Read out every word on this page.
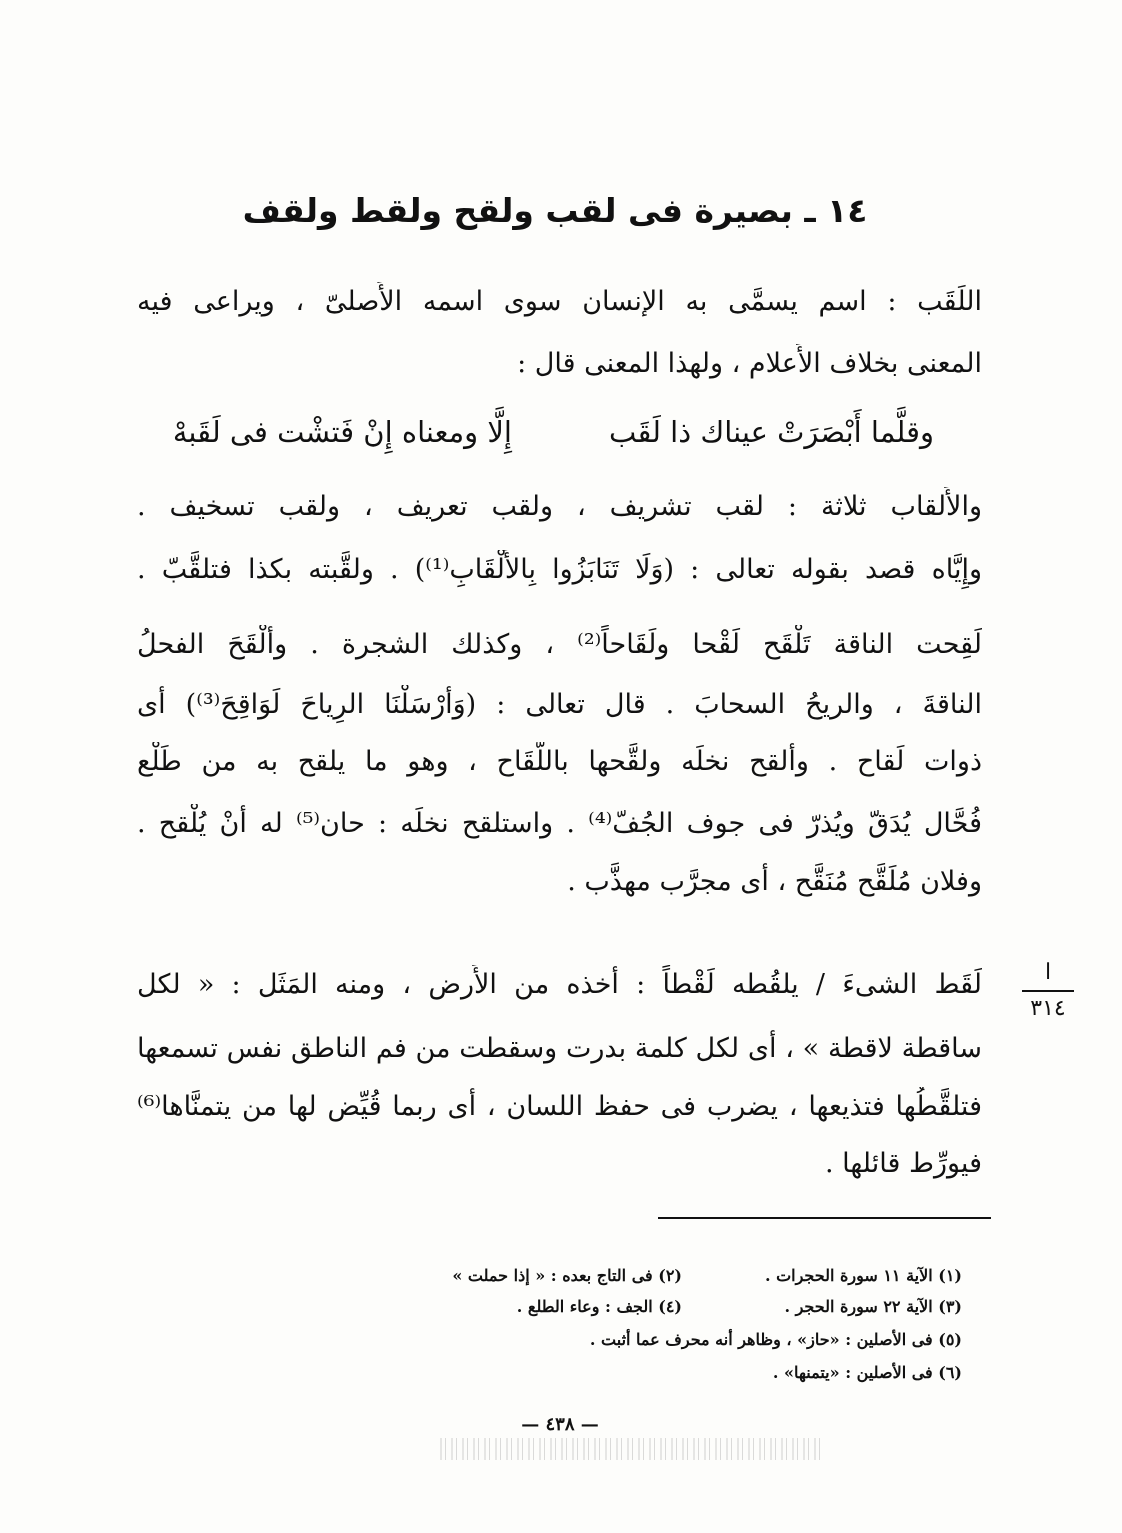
١٤ ـ بصيرة فى لقب ولقح ولقط ولقف
اللَقَب : اسم يسمَّى به الإنسان سوى اسمه الأَصلىّ ، ويراعى فيه
المعنى بخلاف الأَعلام ، ولهذا المعنى قال :
وقلَّما أَبْصَرَتْ عيناك ذا لَقَب
إِلَّا ومعناه إِنْ فَتشْت فى لَقَبهْ
والأَلقاب ثلاثة : لقب تشريف ، ولقب تعريف ، ولقب تسخيف .
وإِيَّاه قصد بقوله تعالى : (وَلَا تَنَابَزُوا بِالأَلْقَابِ⁽¹⁾) . ولقَّبته بكذا فتلقَّبّ .
لَقِحت الناقة تَلْقَح لَقْحا ولَقَاحاً⁽²⁾ ، وكذلك الشجرة . وأَلْقَحَ الفحلُ
الناقةَ ، والريحُ السحابَ . قال تعالى : (وَأَرْسَلْنَا الرِياحَ لَوَاقِحَ⁽³⁾) أَى
ذوات لَقاح . وأَلقح نخلَه ولقَّحها باللَّقَاح ، وهو ما يلقح به من طَلْع
فُحَّال يُدَقّ ويُذرّ فى جوف الجُفّ⁽⁴⁾ . واستلقح نخلَه : حان⁽⁵⁾ له أَنْ يُلْقح .
وفلان مُلَقَّح مُنَقَّح ، أَى مجرَّب مهذَّب .
لَقَط الشىءَ / يلقُطه لَقْطاً : أَخذه من الأَرض ، ومنه المَثَل : « لكل
ساقطة لاقطة » ، أَى لكل كلمة بدرت وسقطت من فم الناطق نفس تسمعها
فتلقَّطُها فتذيعها ، يضرب فى حفظ اللسان ، أَى ربما قُيِّض لها من يتمنَّاها⁽⁶⁾
فيورِّط قائلها .
ا
٣١٤
(١) الآية ١١ سورة الحجرات .
(٢) فى التاج بعده : « إذا حملت »
(٣) الآية ٢٢ سورة الحجر .
(٤) الجف : وعاء الطلع .
(٥) فى الأصلين : «حاز» ، وظاهر أنه محرف عما أثبت .
(٦) فى الأصلين : «يتمنها» .
— ٤٣٨ —
